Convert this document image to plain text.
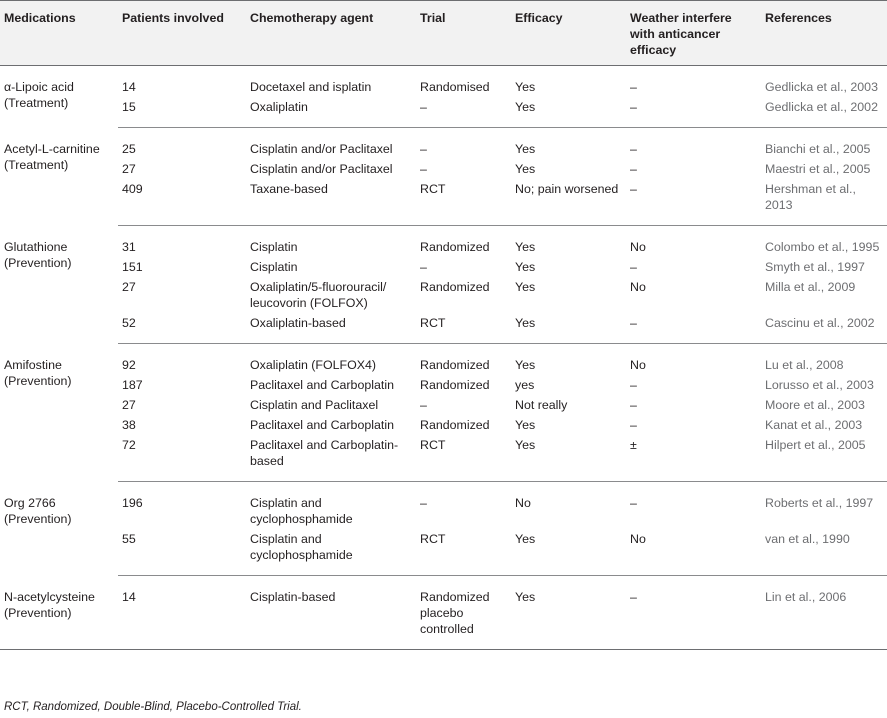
Medications	Patients involved	Chemotherapy agent	Trial	Efficacy	Weather interfere with anticancer efficacy	References
α-Lipoic acid (Treatment)	14	Docetaxel and isplatin	Randomised	Yes	–	Gedlicka et al., 2003
	15	Oxaliplatin	–	Yes	–	Gedlicka et al., 2002
Acetyl-L-carnitine (Treatment)	25	Cisplatin and/or Paclitaxel	–	Yes	–	Bianchi et al., 2005
	27	Cisplatin and/or Paclitaxel	–	Yes	–	Maestri et al., 2005
	409	Taxane-based	RCT	No; pain worsened	–	Hershman et al., 2013
Glutathione (Prevention)	31	Cisplatin	Randomized	Yes	No	Colombo et al., 1995
	151	Cisplatin	–	Yes	–	Smyth et al., 1997
	27	Oxaliplatin/5-fluorouracil/ leucovorin (FOLFOX)	Randomized	Yes	No	Milla et al., 2009
	52	Oxaliplatin-based	RCT	Yes	–	Cascinu et al., 2002
Amifostine (Prevention)	92	Oxaliplatin (FOLFOX4)	Randomized	Yes	No	Lu et al., 2008
	187	Paclitaxel and Carboplatin	Randomized	yes	–	Lorusso et al., 2003
	27	Cisplatin and Paclitaxel	–	Not really	–	Moore et al., 2003
	38	Paclitaxel and Carboplatin	Randomized	Yes	–	Kanat et al., 2003
	72	Paclitaxel and Carboplatin-based	RCT	Yes	±	Hilpert et al., 2005
Org 2766 (Prevention)	196	Cisplatin and cyclophosphamide	–	No	–	Roberts et al., 1997
	55	Cisplatin and cyclophosphamide	RCT	Yes	No	van et al., 1990
N-acetylcysteine (Prevention)	14	Cisplatin-based	Randomized placebo controlled	Yes	–	Lin et al., 2006
RCT, Randomized, Double-Blind, Placebo-Controlled Trial.
